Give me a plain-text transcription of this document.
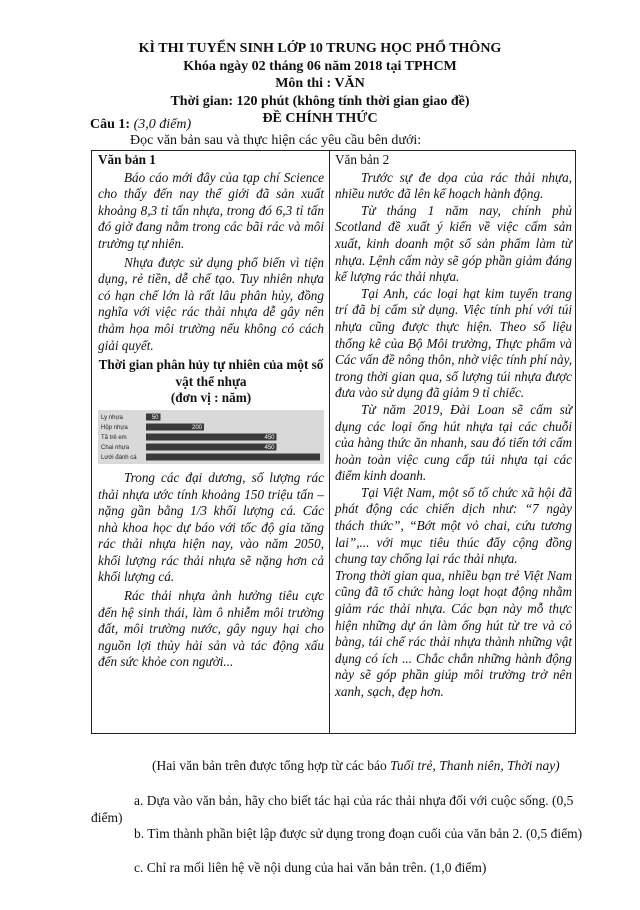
KÌ THI TUYỂN SINH LỚP 10 TRUNG HỌC PHỔ THÔNG
Khóa ngày 02 tháng 06 năm 2018 tại TPHCM
Môn thi : VĂN
Thời gian: 120 phút (không tính thời gian giao đề)
ĐỀ CHÍNH THỨC
Câu 1: (3,0 điểm)
Đọc văn bản sau và thực hiện các yêu cầu bên dưới:
Văn bản 1

Báo cáo mới đây của tạp chí Science cho thấy đến nay thế giới đã sản xuất khoảng 8,3 tỉ tấn nhựa, trong đó 6,3 tỉ tấn đó giờ đang nằm trong các bãi rác và môi trường tự nhiên.

Nhựa được sử dụng phổ biến vì tiện dụng, rẻ tiền, dễ chế tạo. Tuy nhiên nhựa có hạn chế lớn là rất lâu phân hủy, đồng nghĩa với việc rác thải nhựa dễ gây nên thảm họa môi trường nếu không có cách giải quyết.

Thời gian phân hủy tự nhiên của một số vật thể nhựa
(đơn vị : năm)
Ly nhựa	50
Hộp nhựa	200
Tã trẻ em	450
Chai nhựa	450
Lưới đánh cá

Trong các đại dương, số lượng rác thải nhựa ước tính khoảng 150 triệu tấn – nặng gần bằng 1/3 khối lượng cá. Các nhà khoa học dự báo với tốc độ gia tăng rác thải nhựa hiện nay, vào năm 2050, khối lượng rác thải nhựa sẽ nặng hơn cả khối lượng cá.

Rác thải nhựa ảnh hưởng tiêu cực đến hệ sinh thái, làm ô nhiễm môi trường đất, môi trường nước, gây nguy hại cho nguồn lợi thủy hải sản và tác động xấu đến sức khỏe con người...

Văn bản 2

Trước sự đe dọa của rác thải nhựa, nhiều nước đã lên kế hoạch hành động.

Từ tháng 1 năm nay, chính phủ Scotland đề xuất ý kiến về việc cấm sản xuất, kinh doanh một số sản phẩm làm từ nhựa. Lệnh cấm này sẽ góp phần giảm đáng kể lượng rác thải nhựa.

Tại Anh, các loại hạt kim tuyến trang trí đã bị cấm sử dụng. Việc tính phí với túi nhựa cũng được thực hiện. Theo số liệu thống kê của Bộ Môi trường, Thực phẩm và Các vấn đề nông thôn, nhờ việc tính phí này, trong thời gian qua, số lượng túi nhựa được đưa vào sử dụng đã giảm 9 tỉ chiếc.

Từ năm 2019, Đài Loan sẽ cấm sử dụng các loại ống hút nhựa tại các chuỗi của hàng thức ăn nhanh, sau đó tiến tới cấm hoàn toàn việc cung cấp túi nhựa tại các điểm kinh doanh.

Tại Việt Nam, một số tổ chức xã hội đã phát động các chiến dịch như: “7 ngày thách thức”, “Bớt một vỏ chai, cứu tương lai”,... với mục tiêu thúc đẩy cộng đồng chung tay chống lại rác thải nhựa.

Trong thời gian qua, nhiều bạn trẻ Việt Nam cũng đã tổ chức hàng loạt hoạt động nhằm giảm rác thải nhựa. Các bạn này mỗ thực hiện những dự án làm ống hút từ tre và cỏ bàng, tái chế rác thải nhựa thành những vật dụng có ích ... Chắc chắn những hành động này sẽ góp phần giúp môi trường trở nên xanh, sạch, đẹp hơn.

(Hai văn bản trên được tổng hợp từ các báo Tuổi trẻ, Thanh niên, Thời nay)

a. Dựa vào văn bản, hãy cho biết tác hại của rác thải nhựa đối với cuộc sống. (0,5 điểm)

b. Tìm thành phần biệt lập được sử dụng trong đoạn cuối của văn bản 2. (0,5 điểm)

c. Chỉ ra mối liên hệ về nội dung của hai văn bản trên. (1,0 điểm)
